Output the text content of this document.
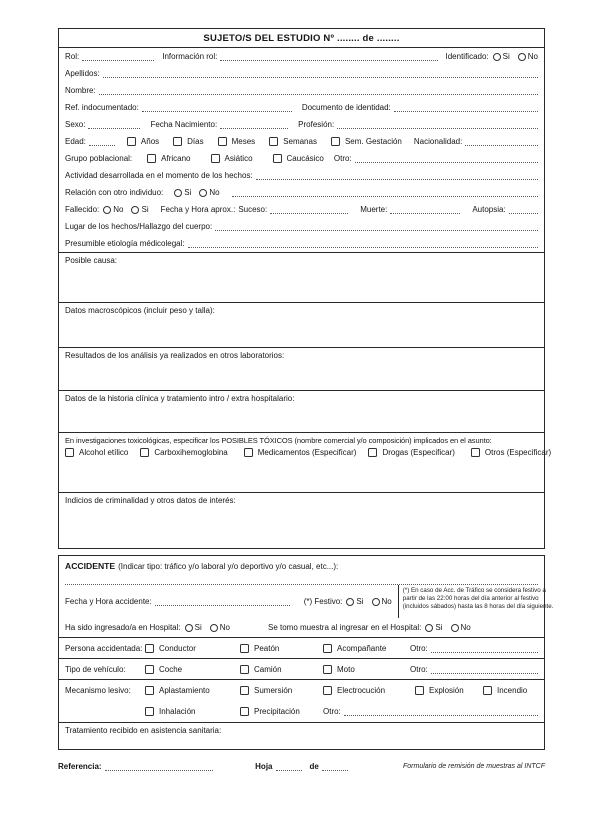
SUJETO/S DEL ESTUDIO Nº ........ de ........
Rol:	Información rol:	Identificado: Si No
Apellidos:
Nombre:
Ref. indocumentado:	Documento de identidad:
Sexo:	Fecha Nacimiento:	Profesión:
Edad:	Años	Días	Meses	Semanas	Sem. Gestación Nacionalidad:
Grupo poblacional:	Africano	Asiático	Caucásico Otro:
Actividad desarrollada en el momento de los hechos:
Relación con otro individuo:	Si No
Fallecido: No Si Fecha y Hora aprox.: Suceso:	Muerte:	Autopsia:
Lugar de los hechos/Hallazgo del cuerpo:
Presumible etiología médicolegal:
Posible causa:
Datos macroscópicos (incluir peso y talla):
Resultados de los análisis ya realizados en otros laboratorios:
Datos de la historia clínica y tratamiento intro / extra hospitalario:
En investigaciones toxicológicas, especificar los POSIBLES TÓXICOS (nombre comercial y/o composición) implicados en el asunto:
Alcohol etílico	Carboxihemoglobina	Medicamentos (Especificar)	Drogas (Especificar)	Otros (Especificar)
Indicios de criminalidad y otros datos de interés:
ACCIDENTE (Indicar tipo: tráfico y/o laboral y/o deportivo y/o casual, etc...):
Fecha y Hora accidente:	(*) Festivo: Si No
(*) En caso de Acc. de Tráfico se considera festivo a partir de las 22:00 horas del día anterior al festivo (incluidos sábados) hasta las 8 horas del día siguiente.
Ha sido ingresado/a en Hospital: Si No	Se tomo muestra al ingresar en el Hospital: Si No
Persona accidentada:	Conductor	Peatón	Acompañante	Otro:
Tipo de vehículo:	Coche	Camión	Moto	Otro:
Mecanismo lesivo:	Aplastamiento	Sumersión	Electrocución	Explosión	Incendio
Inhalación	Precipitación	Otro:
Tratamiento recibido en asistencia sanitaria:
Referencia:	Hoja	de	Formulario de remisión de muestras al INTCF
